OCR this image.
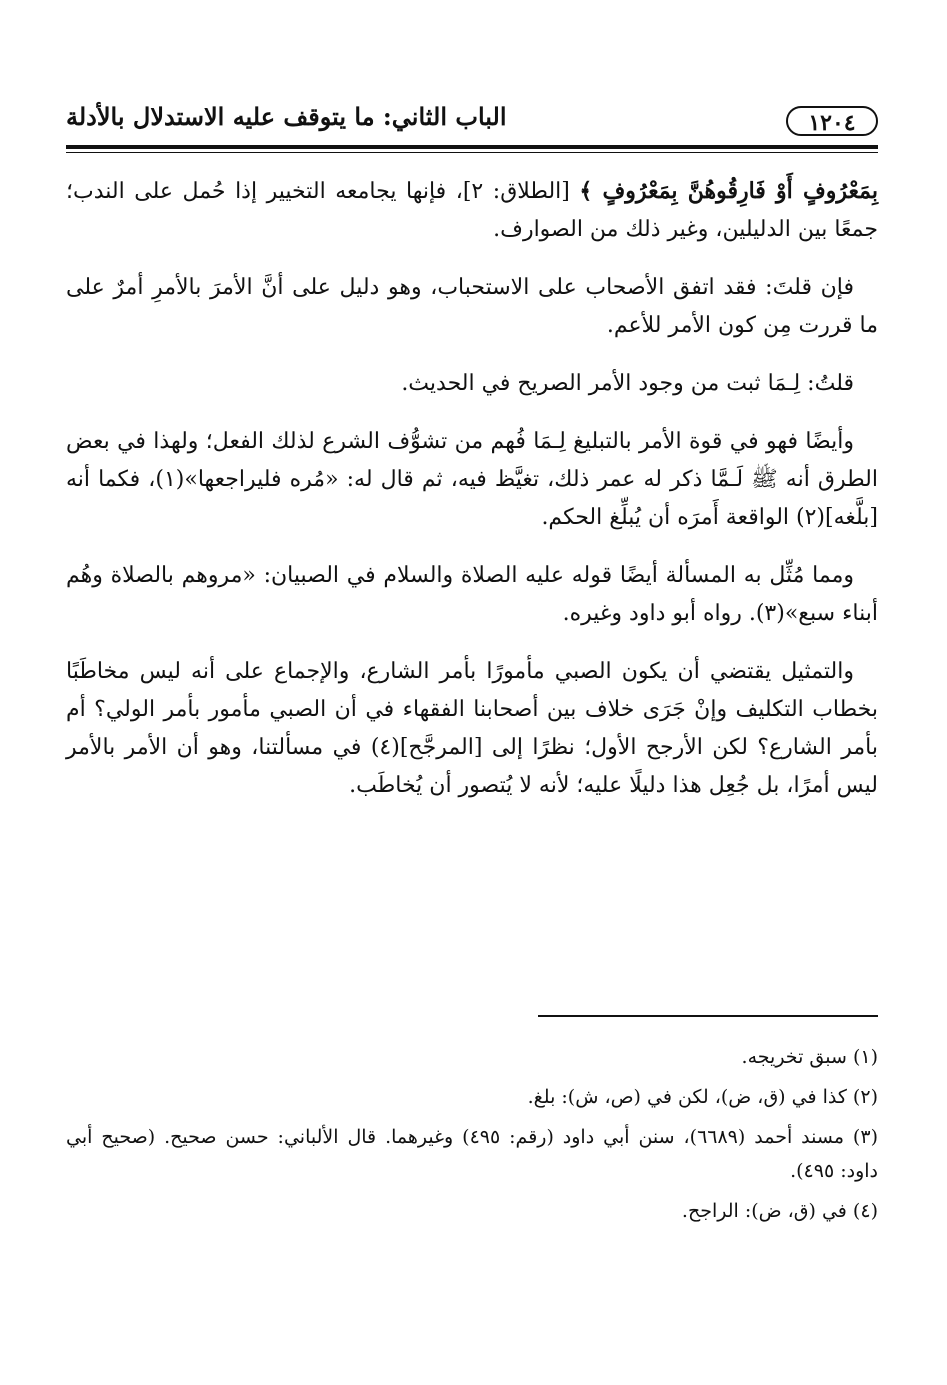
١٢٠٤
الباب الثاني: ما يتوقف عليه الاستدلال بالأدلة

بِمَعْرُوفٍ أَوْ فَارِقُوهُنَّ بِمَعْرُوفٍ ﴾ [الطلاق: ٢]، فإنها يجامعه التخيير إذا حُمل على الندب؛ جمعًا بين الدليلين، وغير ذلك من الصوارف.

فإن قلتَ: فقد اتفق الأصحاب على الاستحباب، وهو دليل على أنَّ الأمرَ بالأمرِ أمرٌ على ما قررت مِن كون الأمر للأعم.

قلتُ: لِـمَا ثبت من وجود الأمر الصريح في الحديث.

وأيضًا فهو في قوة الأمر بالتبليغ لِـمَا فُهم من تشوُّف الشرع لذلك الفعل؛ ولهذا في بعض الطرق أنه ﷺ لَـمَّا ذكر له عمر ذلك، تغيَّظ فيه، ثم قال له: «مُره فليراجعها»(١)، فكما أنه [بلَّغه](٢) الواقعة أَمرَه أن يُبلِّغ الحكم.

ومما مُثِّل به المسألة أيضًا قوله عليه الصلاة والسلام في الصبيان: «مروهم بالصلاة وهُم أبناء سبع»(٣). رواه أبو داود وغيره.

والتمثيل يقتضي أن يكون الصبي مأمورًا بأمر الشارع، والإجماع على أنه ليس مخاطَبًا بخطاب التكليف وإنْ جَرَى خلاف بين أصحابنا الفقهاء في أن الصبي مأمور بأمر الولي؟ أم بأمر الشارع؟ لكن الأرجح الأول؛ نظرًا إلى [المرجَّح](٤) في مسألتنا، وهو أن الأمر بالأمر ليس أمرًا، بل جُعِل هذا دليلًا عليه؛ لأنه لا يُتصور أن يُخاطَب.

(١) سبق تخريجه.

(٢) كذا في (ق، ض)، لكن في (ص، ش): بلغ.

(٣) مسند أحمد (٦٦٨٩)، سنن أبي داود (رقم: ٤٩٥) وغيرهما. قال الألباني: حسن صحيح. (صحيح أبي داود: ٤٩٥).

(٤) في (ق، ض): الراجح.
